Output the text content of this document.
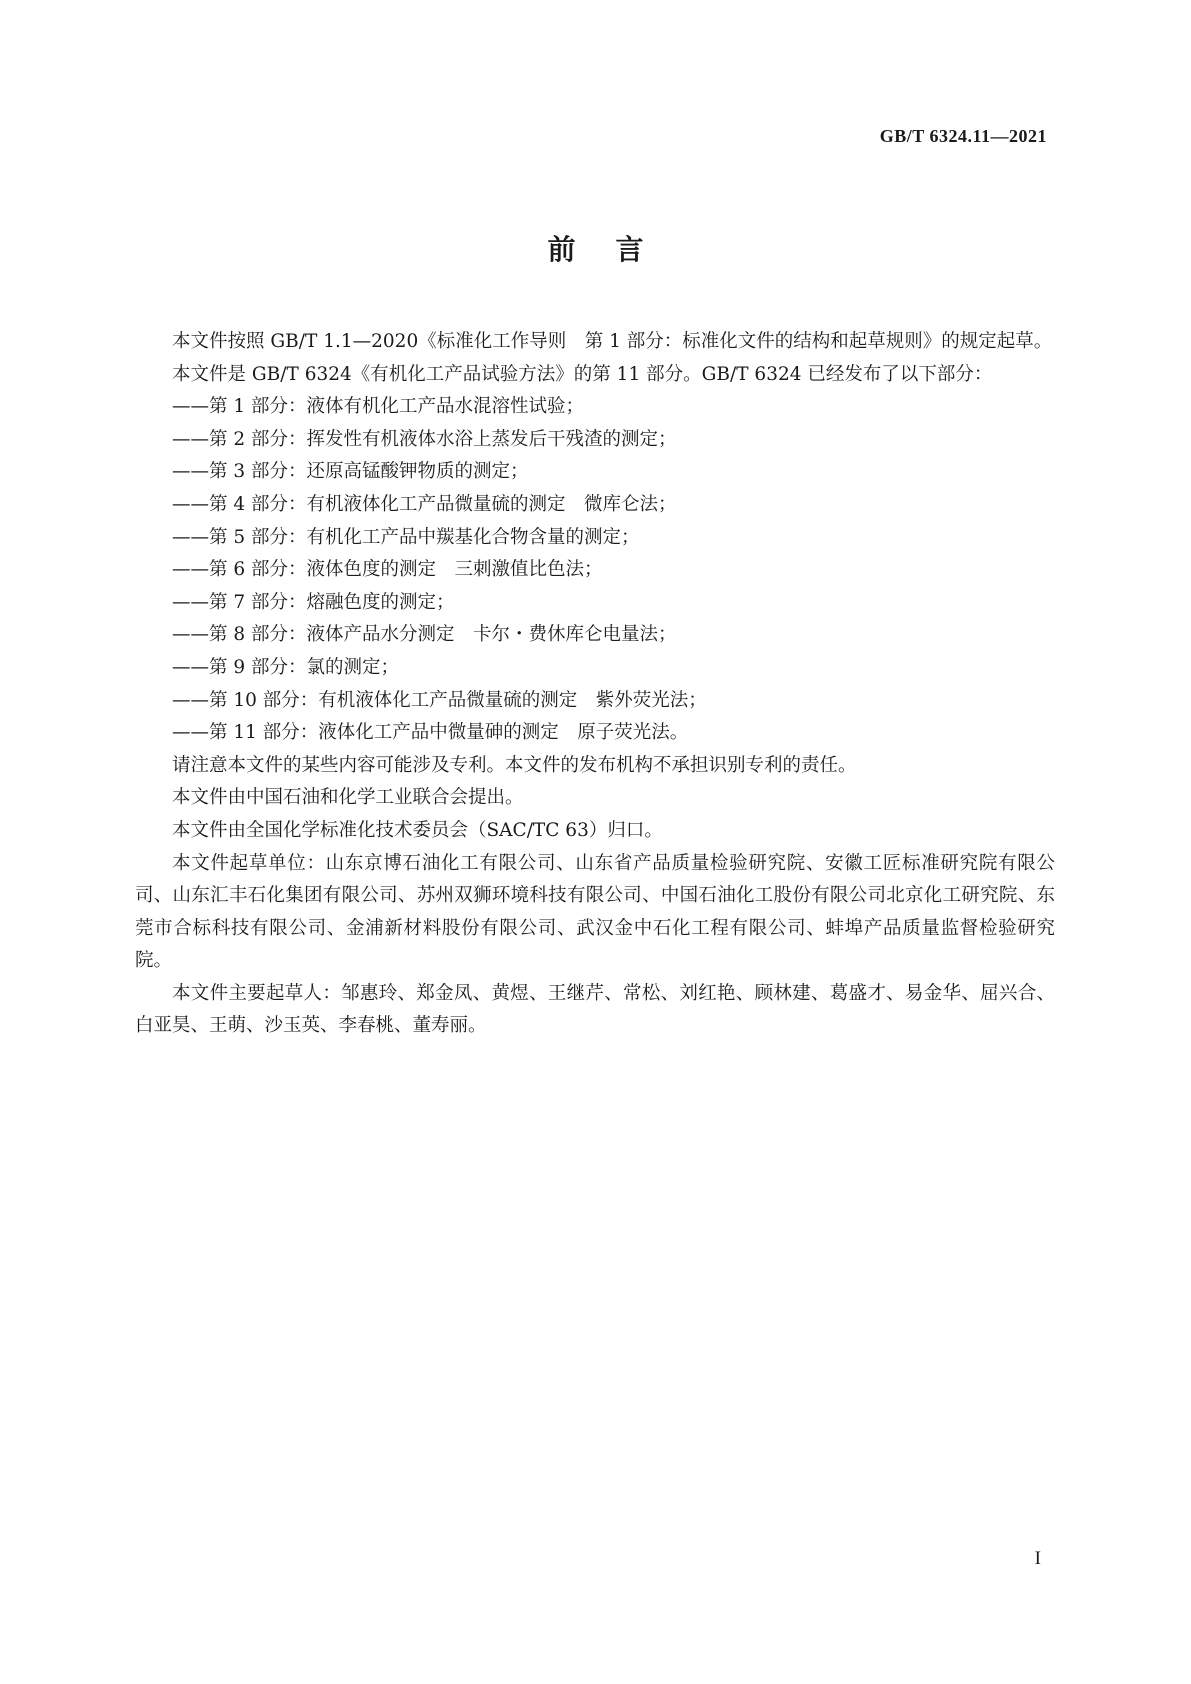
GB/T 6324.11—2021
前言

本文件按照 GB/T 1.1—2020《标准化工作导则　第 1 部分：标准化文件的结构和起草规则》的规定起草。

本文件是 GB/T 6324《有机化工产品试验方法》的第 11 部分。GB/T 6324 已经发布了以下部分：

——第 1 部分：液体有机化工产品水混溶性试验；

——第 2 部分：挥发性有机液体水浴上蒸发后干残渣的测定；

——第 3 部分：还原高锰酸钾物质的测定；

——第 4 部分：有机液体化工产品微量硫的测定　微库仑法；

——第 5 部分：有机化工产品中羰基化合物含量的测定；

——第 6 部分：液体色度的测定　三刺激值比色法；

——第 7 部分：熔融色度的测定；

——第 8 部分：液体产品水分测定　卡尔・费休库仑电量法；

——第 9 部分：氯的测定；

——第 10 部分：有机液体化工产品微量硫的测定　紫外荧光法；

——第 11 部分：液体化工产品中微量砷的测定　原子荧光法。

请注意本文件的某些内容可能涉及专利。本文件的发布机构不承担识别专利的责任。

本文件由中国石油和化学工业联合会提出。

本文件由全国化学标准化技术委员会（SAC/TC 63）归口。

本文件起草单位：山东京博石油化工有限公司、山东省产品质量检验研究院、安徽工匠标准研究院有限公司、山东汇丰石化集团有限公司、苏州双狮环境科技有限公司、中国石油化工股份有限公司北京化工研究院、东莞市合标科技有限公司、金浦新材料股份有限公司、武汉金中石化工程有限公司、蚌埠产品质量监督检验研究院。

本文件主要起草人：邹惠玲、郑金凤、黄煜、王继芹、常松、刘红艳、顾林建、葛盛才、易金华、屈兴合、白亚昊、王萌、沙玉英、李春桃、董寿丽。

I
